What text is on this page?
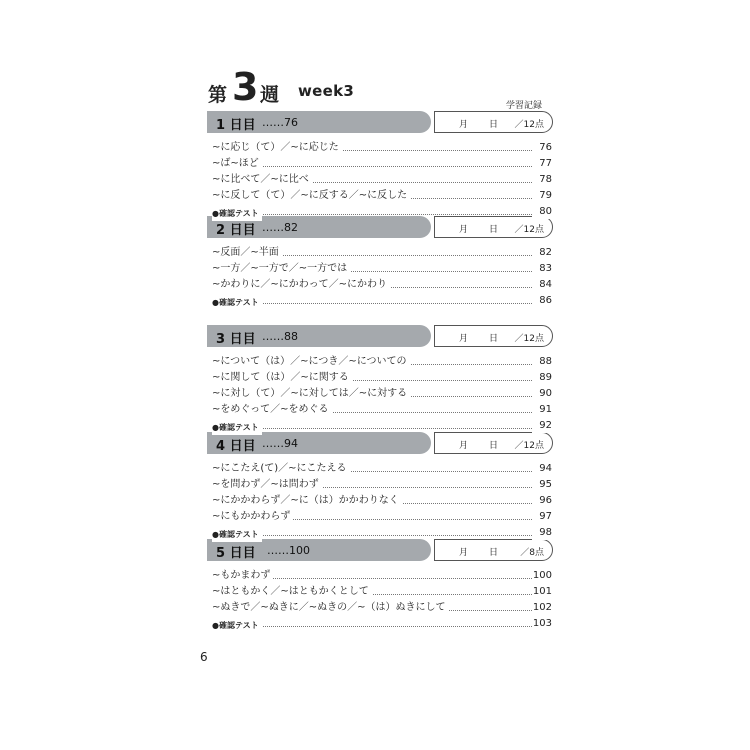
第 3 週 week3
学習記録
1 日目 ……76	月 日 ／12点
~に応じ（て）／~に応じた	76
~ば~ほど	77
~に比べて／~に比べ	78
~に反して（て）／~に反する／~に反した	79
●確認テスト	80
2 日目 ……82	月 日 ／12点
~反面／~半面	82
~一方／~一方で／~一方では	83
~かわりに／~にかわって／~にかわり	84
●確認テスト	86
3 日目 ……88	月 日 ／12点
~について（は）／~につき／~についての	88
~に関して（は）／~に関する	89
~に対し（て）／~に対しては／~に対する	90
~をめぐって／~をめぐる	91
●確認テスト	92
4 日目 ……94	月 日 ／12点
~にこたえ(て)／~にこたえる	94
~を問わず／~は問わず	95
~にかかわらず／~に（は）かかわりなく	96
~にもかかわらず	97
●確認テスト	98
5 日目 ……100	月 日 ／8点
~もかまわず	100
~はともかく／~はともかくとして	101
~ぬきで／~ぬきに／~ぬきの／~（は）ぬきにして	102
●確認テスト	103
6
